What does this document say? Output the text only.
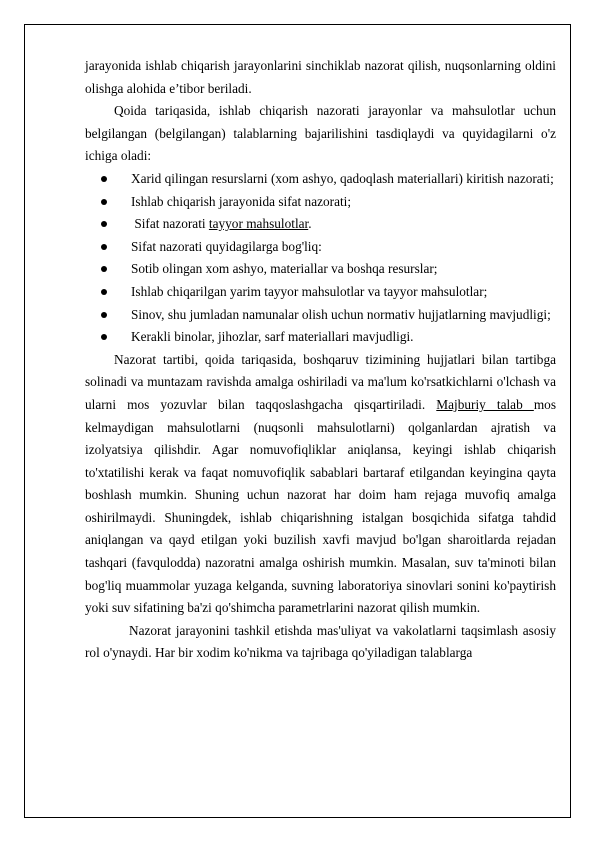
jarayonida ishlab chiqarish jarayonlarini sinchiklab nazorat qilish, nuqsonlarning oldini olishga alohida e’tibor beriladi.

Qoida tariqasida, ishlab chiqarish nazorati jarayonlar va mahsulotlar uchun belgilangan (belgilangan) talablarning bajarilishini tasdiqlaydi va quyidagilarni o'z ichiga oladi:

Xarid qilingan resurslarni (xom ashyo, qadoqlash materiallari) kiritish nazorati;
Ishlab chiqarish jarayonida sifat nazorati;
Sifat nazorati tayyor mahsulotlar.
Sifat nazorati quyidagilarga bog'liq:
Sotib olingan xom ashyo, materiallar va boshqa resurslar;
Ishlab chiqarilgan yarim tayyor mahsulotlar va tayyor mahsulotlar;
Sinov, shu jumladan namunalar olish uchun normativ hujjatlarning mavjudligi;
Kerakli binolar, jihozlar, sarf materiallari mavjudligi.

Nazorat tartibi, qoida tariqasida, boshqaruv tizimining hujjatlari bilan tartibga solinadi va muntazam ravishda amalga oshiriladi va ma'lum ko'rsatkichlarni o'lchash va ularni mos yozuvlar bilan taqqoslashgacha qisqartiriladi. Majburiy talab mos kelmaydigan mahsulotlarni (nuqsonli mahsulotlarni) qolganlardan ajratish va izolyatsiya qilishdir. Agar nomuvofiqliklar aniqlansa, keyingi ishlab chiqarish to'xtatilishi kerak va faqat nomuvofiqlik sabablari bartaraf etilgandan keyingina qayta boshlash mumkin. Shuning uchun nazorat har doim ham rejaga muvofiq amalga oshirilmaydi. Shuningdek, ishlab chiqarishning istalgan bosqichida sifatga tahdid aniqlangan va qayd etilgan yoki buzilish xavfi mavjud bo'lgan sharoitlarda rejadan tashqari (favqulodda) nazoratni amalga oshirish mumkin. Masalan, suv ta'minoti bilan bog'liq muammolar yuzaga kelganda, suvning laboratoriya sinovlari sonini ko'paytirish yoki suv sifatining ba'zi qo'shimcha parametrlarini nazorat qilish mumkin.

Nazorat jarayonini tashkil etishda mas'uliyat va vakolatlarni taqsimlash asosiy rol o'ynaydi. Har bir xodim ko'nikma va tajribaga qo'yiladigan talablarga
